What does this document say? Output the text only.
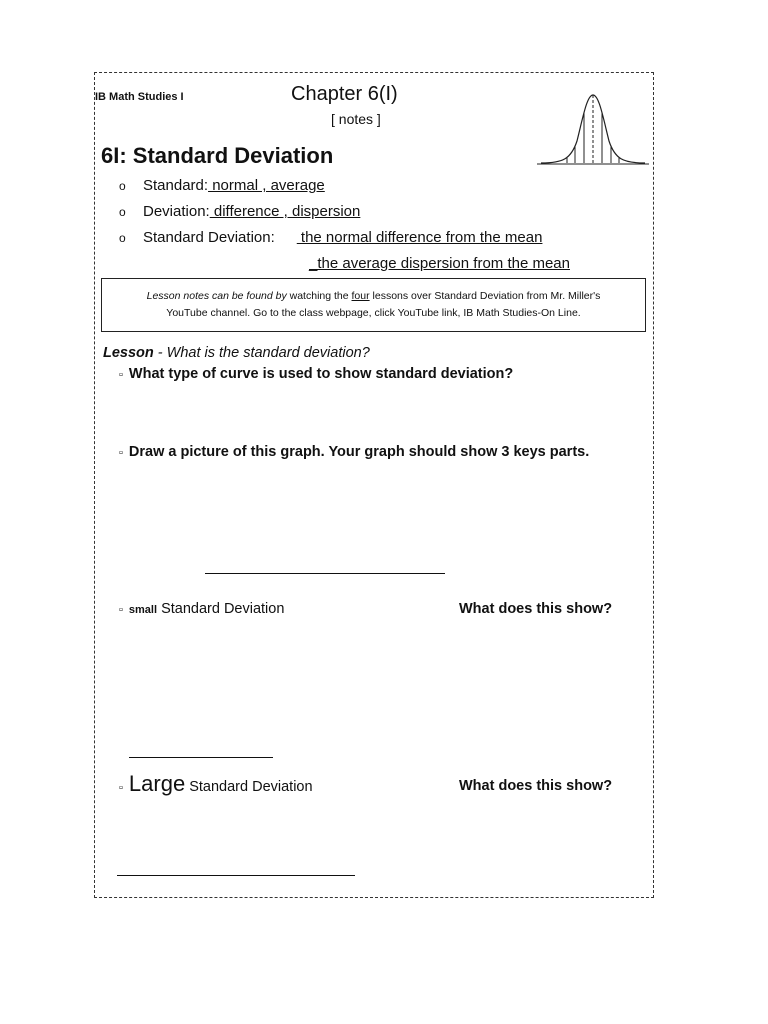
IB Math Studies I	Chapter 6(I)
[ notes ]
6I: Standard Deviation
o Standard: normal , average
o Deviation: difference , dispersion
o Standard Deviation: the normal difference from the mean
_the average dispersion from the mean
Lesson notes can be found by watching the four lessons over Standard Deviation from Mr. Miller's
YouTube channel. Go to the class webpage, click YouTube link, IB Math Studies-On Line.
Lesson - What is the standard deviation?
▫ What type of curve is used to show standard deviation?
▫ Draw a picture of this graph. Your graph should show 3 keys parts.
▫ small Standard Deviation	What does this show?
▫ Large Standard Deviation	What does this show?
